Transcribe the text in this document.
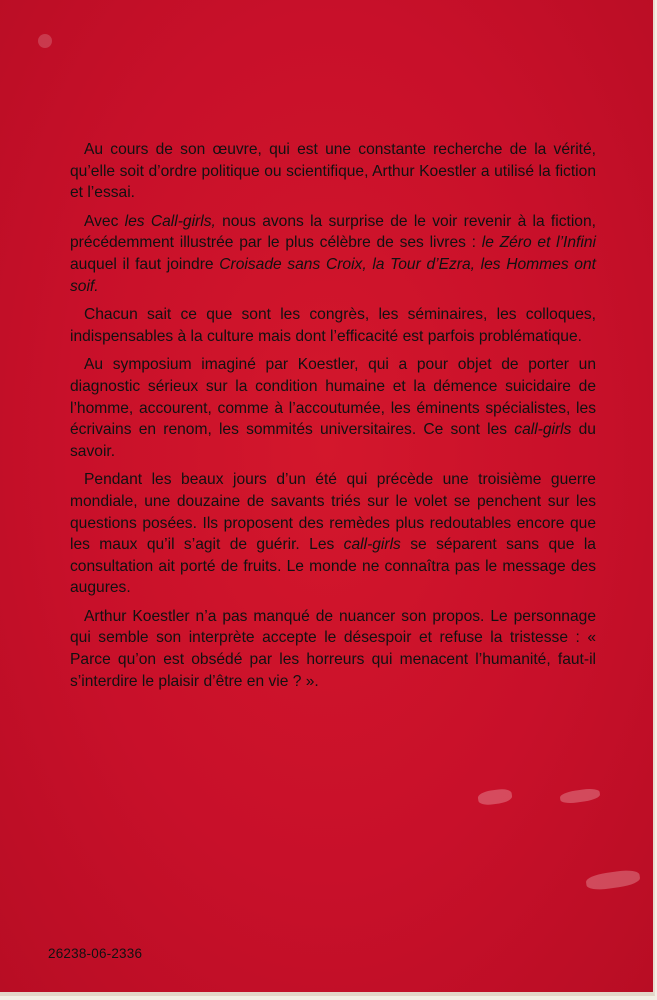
Au cours de son œuvre, qui est une constante recherche de la vérité, qu’elle soit d’ordre politique ou scientifique, Arthur Koestler a utilisé la fiction et l’essai.

Avec les Call-girls, nous avons la surprise de le voir revenir à la fiction, précédemment illustrée par le plus célèbre de ses livres : le Zéro et l’Infini auquel il faut joindre Croisade sans Croix, la Tour d’Ezra, les Hommes ont soif.

Chacun sait ce que sont les congrès, les séminaires, les colloques, indispensables à la culture mais dont l’efficacité est parfois problématique.

Au symposium imaginé par Koestler, qui a pour objet de porter un diagnostic sérieux sur la condition humaine et la démence suicidaire de l’homme, accourent, comme à l’accoutumée, les éminents spécialistes, les écrivains en renom, les sommités universitaires. Ce sont les call-girls du savoir.

Pendant les beaux jours d’un été qui précède une troisième guerre mondiale, une douzaine de savants triés sur le volet se penchent sur les questions posées. Ils proposent des remèdes plus redoutables encore que les maux qu’il s’agit de guérir. Les call-girls se séparent sans que la consultation ait porté de fruits. Le monde ne connaîtra pas le message des augures.

Arthur Koestler n’a pas manqué de nuancer son propos. Le personnage qui semble son interprète accepte le désespoir et refuse la tristesse : « Parce qu’on est obsédé par les horreurs qui menacent l’humanité, faut-il s’interdire le plaisir d’être en vie ? ».

26238-06-2336
